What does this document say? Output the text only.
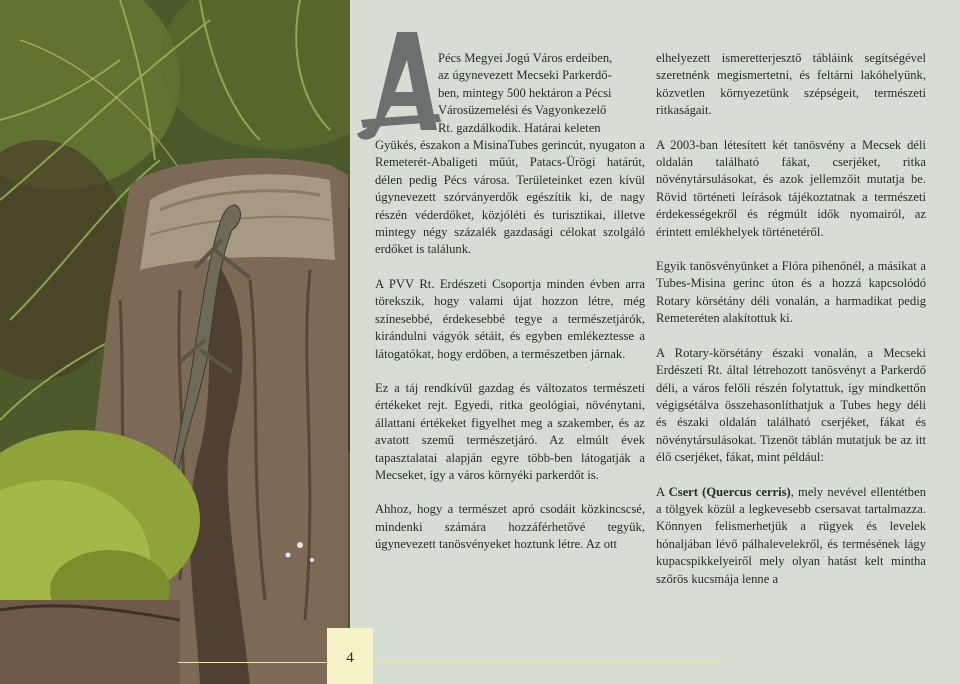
Pécs Megyei Jogú Város erdeiben,
az úgynevezett Mecseki Parkerdő-
ben, mintegy 500 hektáron a Pécsi
Városüzemelési és Vagyonkezelő
Rt. gazdálkodik. Határai keleten
Gyükés, északon a MisinaTubes gerincút, nyugaton a Remeterét-Abaligeti műút, Patacs-Ürögi határút, délen pedig Pécs városa. Területeinket ezen kívül úgynevezett szórványerdők egészítik ki, de nagy részén véderdőket, közjóléti és turisztikai, illetve mintegy négy százalék gazdasági célokat szolgáló erdőket is találunk.

A PVV Rt. Erdészeti Csoportja minden évben arra törekszik, hogy valami újat hozzon létre, még színesebbé, érdekesebbé tegye a természetjárók, kirándulni vágyók sétáit, és egyben emlékeztesse a látogatókat, hogy erdőben, a természetben járnak.

Ez a táj rendkívül gazdag és változatos természeti értékeket rejt. Egyedi, ritka geológiai, növénytani, állattani értékeket figyelhet meg a szakember, és az avatott szemű természetjáró. Az elmúlt évek tapasztalatai alapján egyre több-ben látogatják a Mecseket, így a város környéki parkerdőt is.

Ahhoz, hogy a természet apró csodáit közkincscsé, mindenki számára hozzáférhetővé tegyük, úgynevezett tanösvényeket hoztunk létre. Az ott

elhelyezett ismeretterjesztő tábláink segítségével szeretnénk megismertetni, és feltárni lakóhelyünk, közvetlen környezetünk szépségeit, természeti ritkaságait.

A 2003-ban létesített két tanösvény a Mecsek déli oldalán található fákat, cserjéket, ritka növénytársulásokat, és azok jellemzőit mutatja be. Rövid történeti leírások tájékoztatnak a természeti érdekességekről és régmúlt idők nyomairól, az érintett emlékhelyek történetéről.

Egyik tanösvényünket a Flóra pihenőnél, a másikat a Tubes-Misina gerinc úton és a hozzá kapcsolódó Rotary körsétány déli vonalán, a harmadikat pedig Remeteréten alakítottuk ki.

A Rotary-körsétány északi vonalán, a Mecseki Erdészeti Rt. által létrehozott tanösvényt a Parkerdő déli, a város felőli részén folytattuk, így mindkettőn végigsétálva összehasonlíthatjuk a Tubes hegy déli és északi oldalán található cserjéket, fákat és növénytársulásokat. Tizenöt táblán mutatjuk be az itt élő cserjéket, fákat, mint például:

A Csert (Quercus cerris), mely nevével ellentétben a tölgyek közül a legkevesebb csersavat tartalmazza. Könnyen felismerhetjük a rügyek és levelek hónaljában lévő pálhalevelekről, és termésének lágy kupacspikkelyeiről mely olyan hatást kelt mintha szőrös kucsmája lenne a

4
